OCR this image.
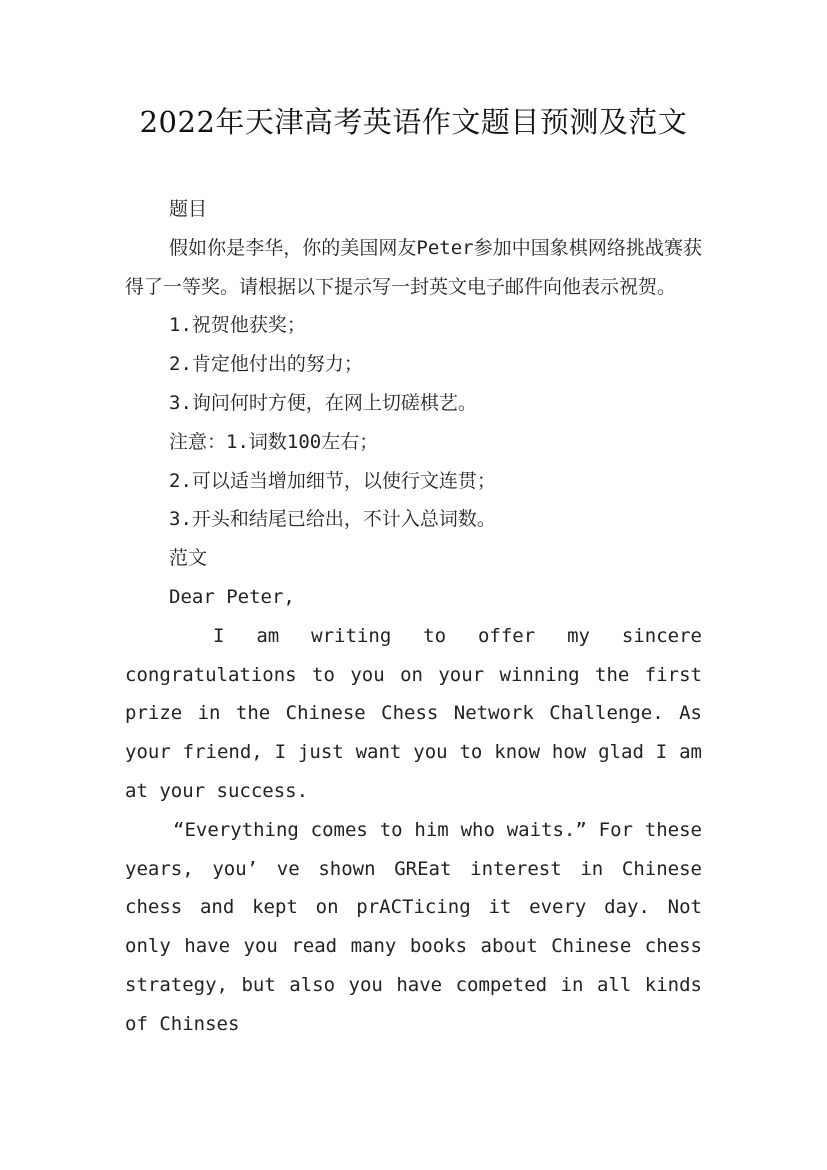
2022年天津高考英语作文题目预测及范文

题目

假如你是李华，你的美国网友Peter参加中国象棋网络挑战赛获得了一等奖。请根据以下提示写一封英文电子邮件向他表示祝贺。

1.祝贺他获奖；

2.肯定他付出的努力；

3.询问何时方便，在网上切磋棋艺。

注意：1.词数100左右；

2.可以适当增加细节，以使行文连贯；

3.开头和结尾已给出，不计入总词数。

范文

Dear Peter,

I am writing to offer my sincere congratulations to you on your winning the first prize in the Chinese Chess Network Challenge. As your friend, I just want you to know how glad I am at your success.

“Everything comes to him who waits.” For these years, you’ ve shown GREat interest in Chinese chess and kept on prACTicing it every day. Not only have you read many books about Chinese chess strategy, but also you have competed in all kinds of Chinses
